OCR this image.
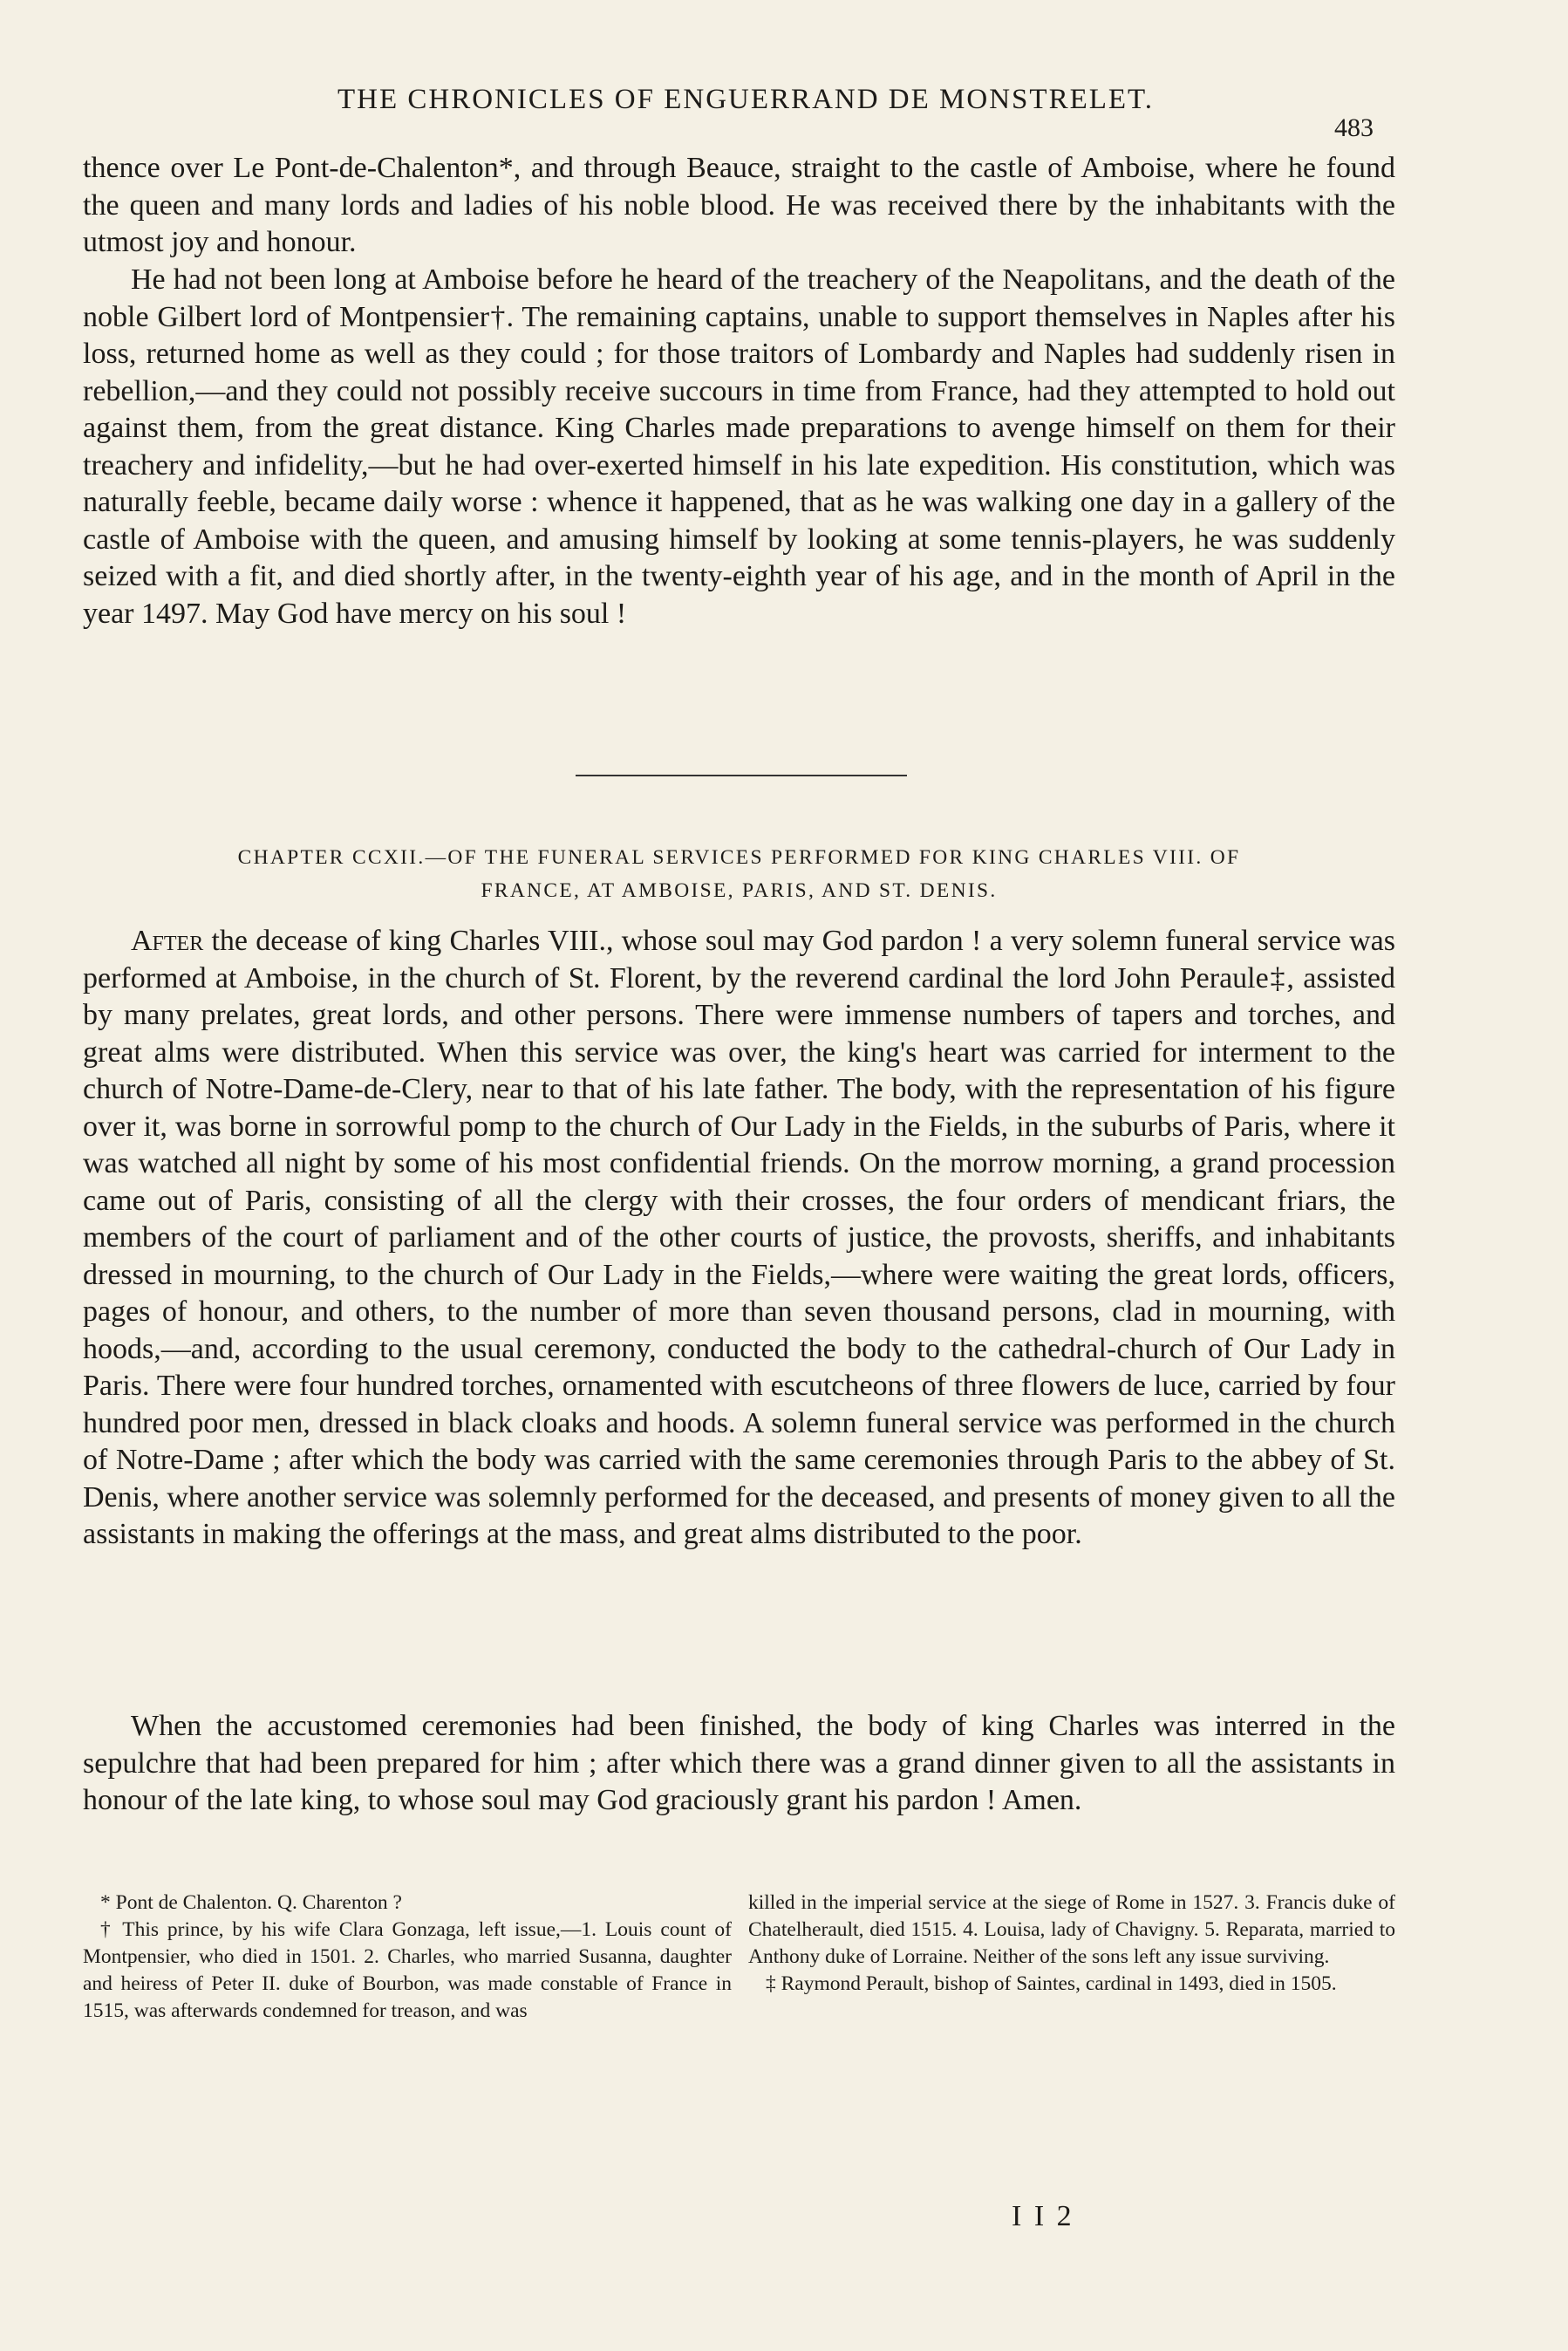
THE CHRONICLES OF ENGUERRAND DE MONSTRELET.
483

thence over Le Pont-de-Chalenton*, and through Beauce, straight to the castle of Amboise, where he found the queen and many lords and ladies of his noble blood. He was received there by the inhabitants with the utmost joy and honour.

He had not been long at Amboise before he heard of the treachery of the Neapolitans, and the death of the noble Gilbert lord of Montpensier†. The remaining captains, unable to support themselves in Naples after his loss, returned home as well as they could ; for those traitors of Lombardy and Naples had suddenly risen in rebellion,—and they could not possibly receive succours in time from France, had they attempted to hold out against them, from the great distance. King Charles made preparations to avenge himself on them for their treachery and infidelity,—but he had over-exerted himself in his late expedition. His constitution, which was naturally feeble, became daily worse : whence it happened, that as he was walking one day in a gallery of the castle of Amboise with the queen, and amusing himself by looking at some tennis-players, he was suddenly seized with a fit, and died shortly after, in the twenty-eighth year of his age, and in the month of April in the year 1497. May God have mercy on his soul !

CHAPTER CCXII.—OF THE FUNERAL SERVICES PERFORMED FOR KING CHARLES VIII. OF
FRANCE, AT AMBOISE, PARIS, AND ST. DENIS.

After the decease of king Charles VIII., whose soul may God pardon ! a very solemn funeral service was performed at Amboise, in the church of St. Florent, by the reverend cardinal the lord John Peraule‡, assisted by many prelates, great lords, and other persons. There were immense numbers of tapers and torches, and great alms were distributed. When this service was over, the king's heart was carried for interment to the church of Notre-Dame-de-Clery, near to that of his late father. The body, with the representation of his figure over it, was borne in sorrowful pomp to the church of Our Lady in the Fields, in the suburbs of Paris, where it was watched all night by some of his most confidential friends. On the morrow morning, a grand procession came out of Paris, consisting of all the clergy with their crosses, the four orders of mendicant friars, the members of the court of parliament and of the other courts of justice, the provosts, sheriffs, and inhabitants dressed in mourning, to the church of Our Lady in the Fields,—where were waiting the great lords, officers, pages of honour, and others, to the number of more than seven thousand persons, clad in mourning, with hoods,—and, according to the usual ceremony, conducted the body to the cathedral-church of Our Lady in Paris. There were four hundred torches, ornamented with escutcheons of three flowers de luce, carried by four hundred poor men, dressed in black cloaks and hoods. A solemn funeral service was performed in the church of Notre-Dame ; after which the body was carried with the same ceremonies through Paris to the abbey of St. Denis, where another service was solemnly performed for the deceased, and presents of money given to all the assistants in making the offerings at the mass, and great alms distributed to the poor.

When the accustomed ceremonies had been finished, the body of king Charles was interred in the sepulchre that had been prepared for him ; after which there was a grand dinner given to all the assistants in honour of the late king, to whose soul may God graciously grant his pardon ! Amen.

* Pont de Chalenton. Q. Charenton ?

† This prince, by his wife Clara Gonzaga, left issue,—1. Louis count of Montpensier, who died in 1501. 2. Charles, who married Susanna, daughter and heiress of Peter II. duke of Bourbon, was made constable of France in 1515, was afterwards condemned for treason, and was

killed in the imperial service at the siege of Rome in 1527. 3. Francis duke of Chatelherault, died 1515. 4. Louisa, lady of Chavigny. 5. Reparata, married to Anthony duke of Lorraine. Neither of the sons left any issue surviving.

‡ Raymond Perault, bishop of Saintes, cardinal in 1493, died in 1505.

I I 2
